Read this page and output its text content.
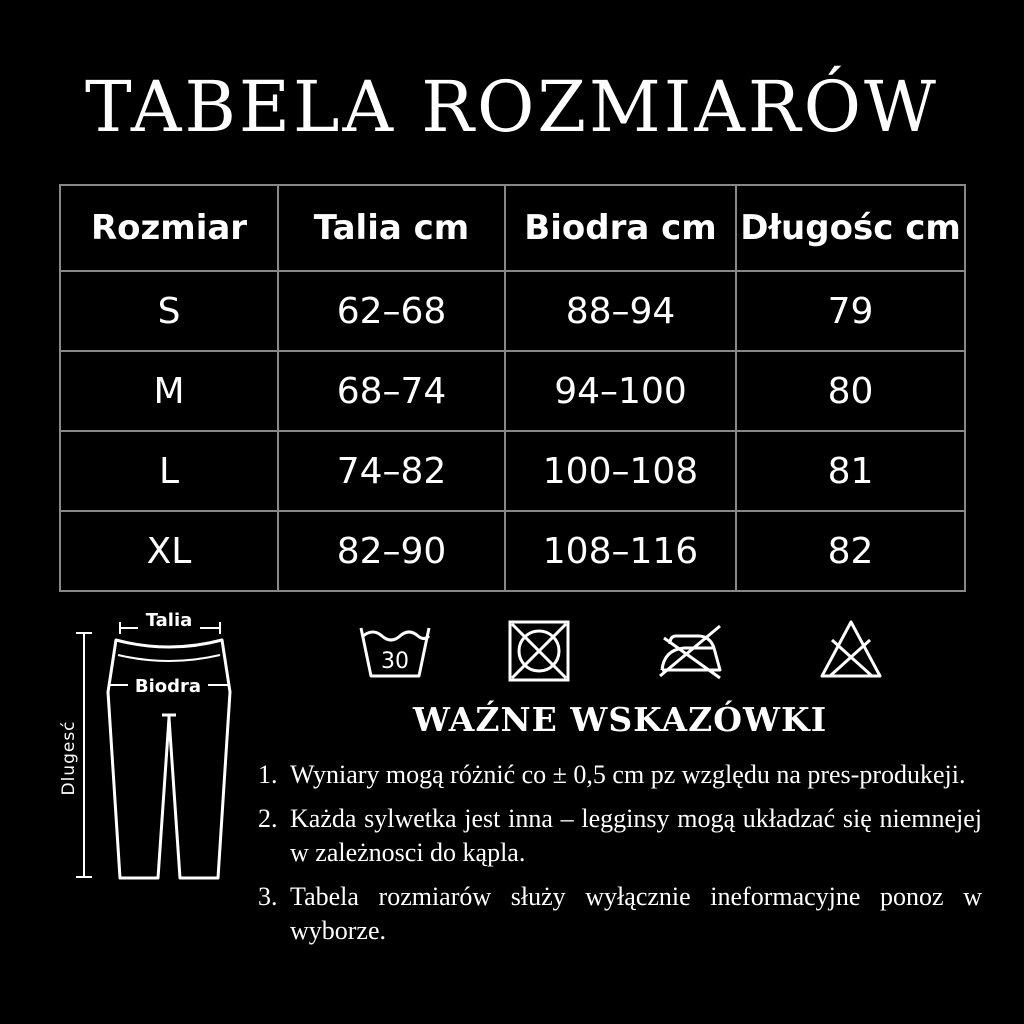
TABELA ROZMIARÓW
Rozmiar	Talia cm	Biodra cm	Długośc cm
S	62–68	88–94	79
M	68–74	94–100	80
L	74–82	100–108	81
XL	82–90	108–116	82
Dlugesć
Talia
Biodra
30
WAŹNE WSKAZÓWKI
1. Wyniary mogą różnić co ± 0,5 cm pz względu na pres-produkeji.
2. Każda sylwetka jest inna – legginsy mogą układzać się niemnejej w zależnosci do kąpla.
3. Tabela rozmiarów służy wyłącznie ineformacyjne ponoz w wyborze.
